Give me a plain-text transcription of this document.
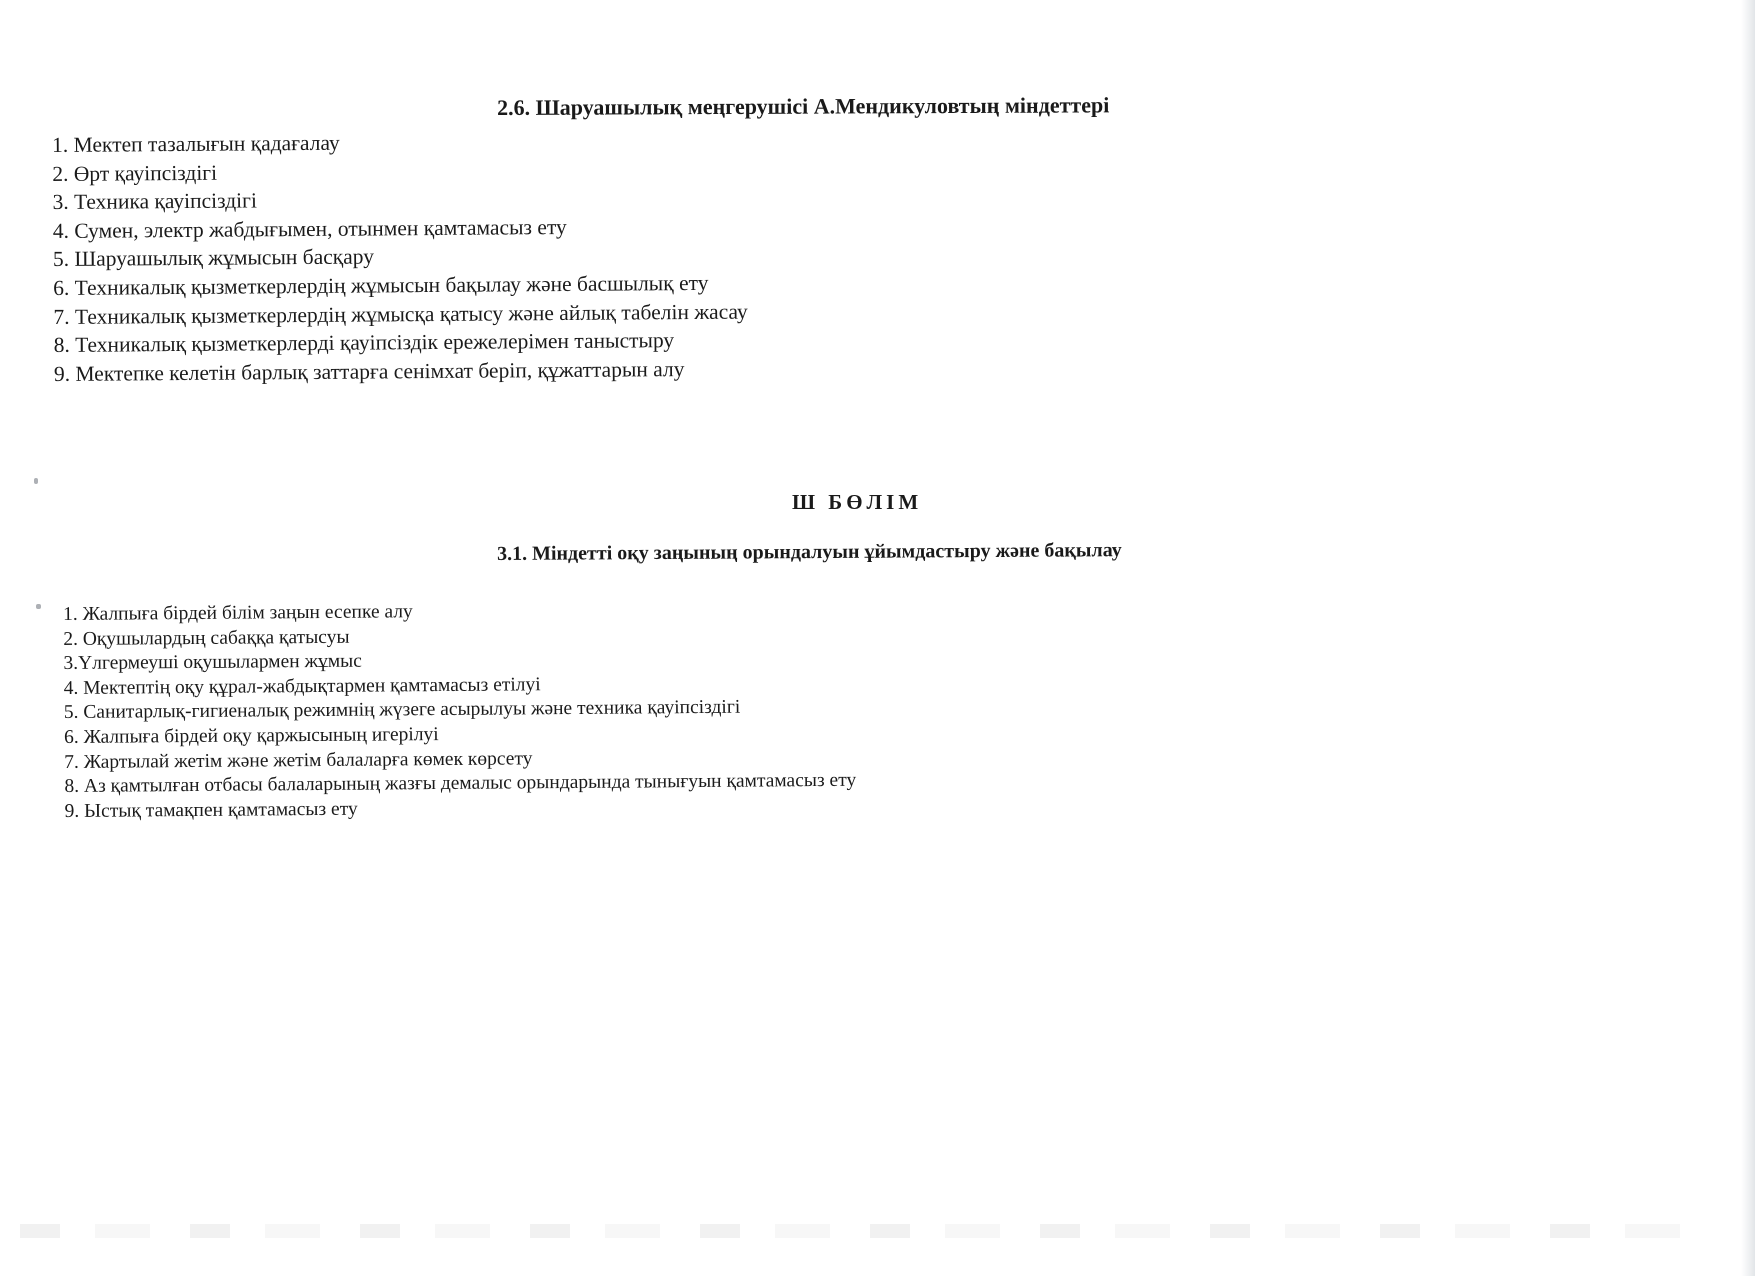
2.6. Шаруашылық меңгерушісі А.Мендикуловтың міндеттері
1. Мектеп тазалығын қадағалау
2. Өрт қауіпсіздігі
3. Техника қауіпсіздігі
4. Сумен, электр жабдығымен, отынмен қамтамасыз ету
5. Шаруашылық жұмысын басқару
6. Техникалық қызметкерлердің жұмысын бақылау және басшылық ету
7. Техникалық қызметкерлердің жұмысқа қатысу және айлық табелін жасау
8. Техникалық қызметкерлерді қауіпсіздік ережелерімен таныстыру
9. Мектепке келетін барлық заттарға сенімхат беріп, құжаттарын алу
Ш БӨЛІМ
3.1. Міндетті оқу заңының орындалуын ұйымдастыру және бақылау
1. Жалпыға бірдей білім заңын есепке алу
2. Оқушылардың сабаққа қатысуы
3.Үлгермеуші оқушылармен жұмыс
4. Мектептің оқу құрал-жабдықтармен қамтамасыз етілуі
5. Санитарлық-гигиеналық режимнің жүзеге асырылуы және техника қауіпсіздігі
6. Жалпыға бірдей оқу қаржысының игерілуі
7. Жартылай жетім және жетім балаларға көмек көрсету
8. Аз қамтылған отбасы балаларының жазғы демалыс орындарында тынығуын қамтамасыз ету
9. Ыстық тамақпен қамтамасыз ету
